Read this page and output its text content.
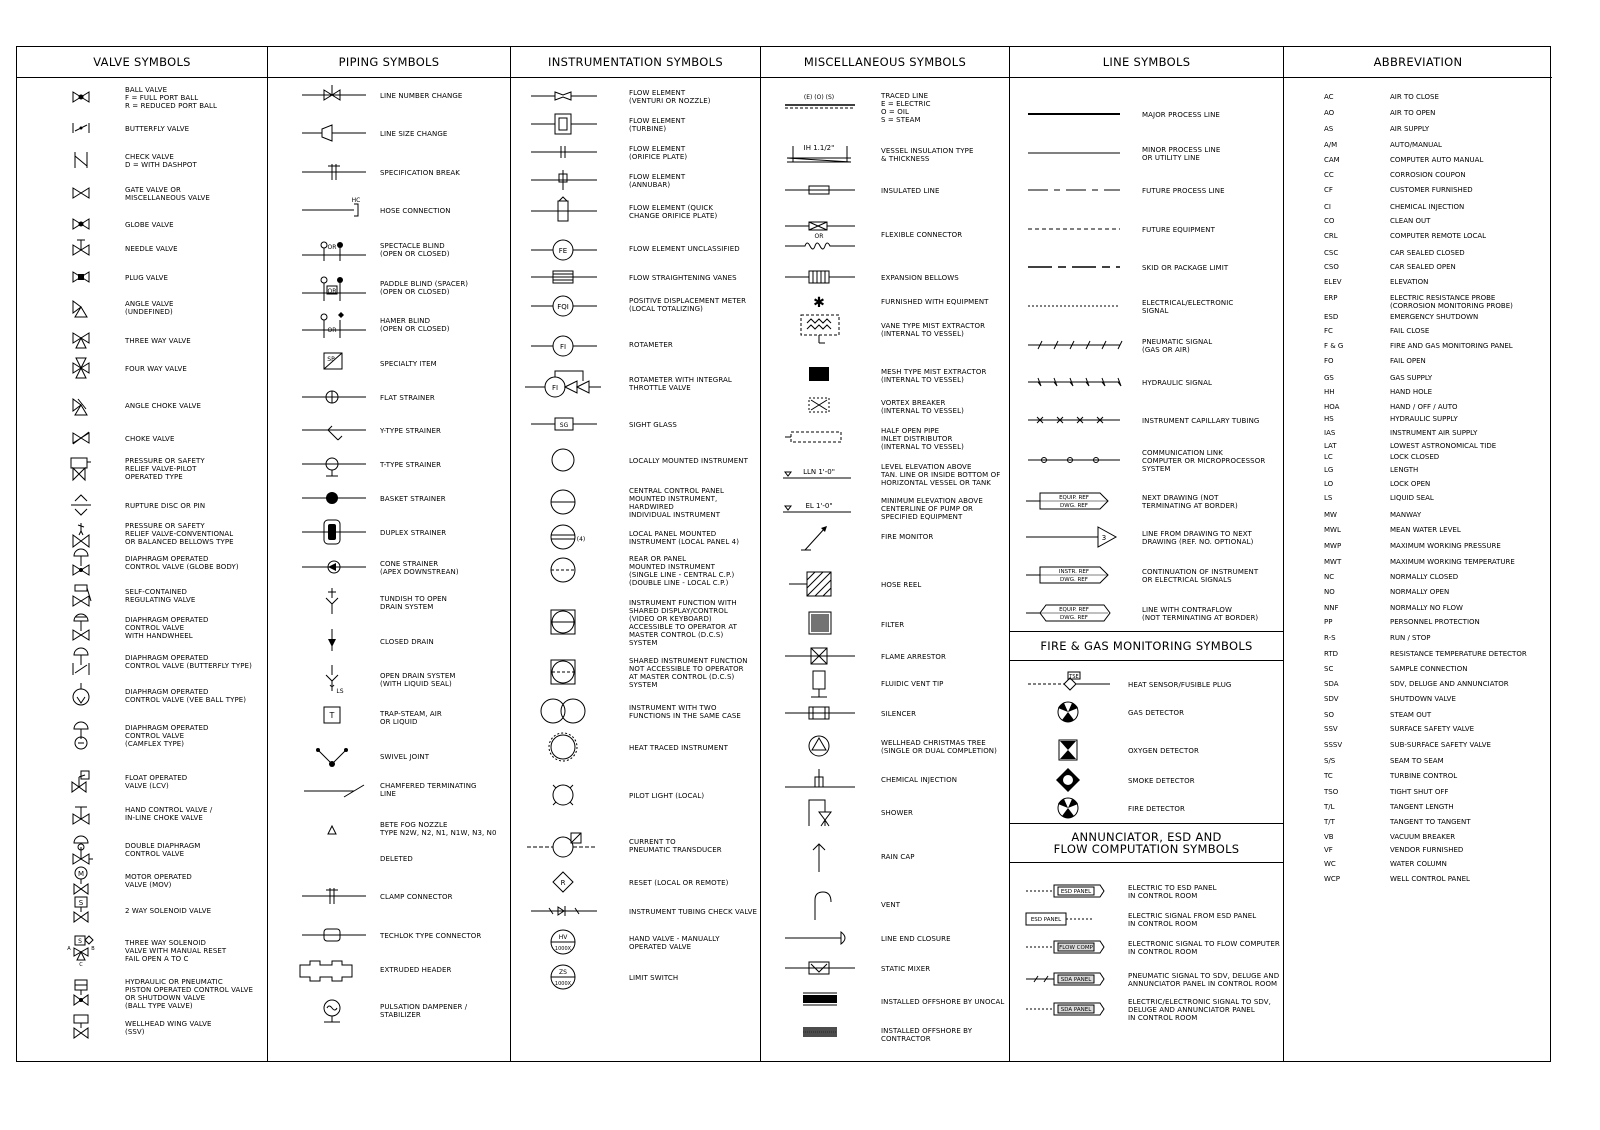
VALVE SYMBOLS
BALL VALVE
F = FULL PORT BALL
R = REDUCED PORT BALL
BUTTERFLY VALVE
CHECK VALVE
D = WITH DASHPOT
GATE VALVE OR
MISCELLANEOUS VALVE
GLOBE VALVE
NEEDLE VALVE
PLUG VALVE
ANGLE VALVE
(UNDEFINED)
THREE WAY VALVE
FOUR WAY VALVE
ANGLE CHOKE VALVE
CHOKE VALVE
PRESSURE OR SAFETY
RELIEF VALVE-PILOT
OPERATED TYPE
RUPTURE DISC OR PIN
PRESSURE OR SAFETY
RELIEF VALVE-CONVENTIONAL
OR BALANCED BELLOWS TYPE
DIAPHRAGM OPERATED
CONTROL VALVE (GLOBE BODY)
SELF-CONTAINED
REGULATING VALVE
DIAPHRAGM OPERATED
CONTROL VALVE
WITH HANDWHEEL
DIAPHRAGM OPERATED
CONTROL VALVE (BUTTERFLY TYPE)
DIAPHRAGM OPERATED
CONTROL VALVE (VEE BALL TYPE)
DIAPHRAGM OPERATED
CONTROL VALVE
(CAMFLEX TYPE)
FLOAT OPERATED
VALVE (LCV)
HAND CONTROL VALVE /
IN-LINE CHOKE VALVE
DOUBLE DIAPHRAGM
CONTROL VALVE
M	MOTOR OPERATED
VALVE (MOV)
S
2 WAY SOLENOID VALVE
S
A	B
C
THREE WAY SOLENOID
VALVE WITH MANUAL RESET
FAIL OPEN A TO C
HYDRAULIC OR PNEUMATIC
PISTON OPERATED CONTROL VALVE
OR SHUTDOWN VALVE
(BALL TYPE VALVE)
WELLHEAD WING VALVE
(SSV)
PIPING SYMBOLS
LINE NUMBER CHANGE
LINE SIZE CHANGE
SPECIFICATION BREAK
HC
HOSE CONNECTION
OR	SPECTACLE BLIND
(OPEN OR CLOSED)
OR
PADDLE BLIND (SPACER)
(OPEN OR CLOSED)
OR
HAMER BLIND
(OPEN OR CLOSED)
SP
SPECIALTY ITEM
FLAT STRAINER
Y-TYPE STRAINER
T-TYPE STRAINER
BASKET STRAINER
DUPLEX STRAINER
CONE STRAINER
(APEX DOWNSTREAN)
TUNDISH TO OPEN
DRAIN SYSTEM
CLOSED DRAIN
LS
OPEN DRAIN SYSTEM
(WITH LIQUID SEAL)
T	TRAP-STEAM, AIR
OR LIQUID
SWIVEL JOINT
CHAMFERED TERMINATING
LINE
BETE FOG NOZZLE
TYPE N2W, N2, N1, N1W, N3, N0
DELETED
CLAMP CONNECTOR
TECHLOK TYPE CONNECTOR
EXTRUDED HEADER
PULSATION DAMPENER /
STABILIZER
INSTRUMENTATION SYMBOLS
FLOW ELEMENT
(VENTURI OR NOZZLE)
FLOW ELEMENT
(TURBINE)
FLOW ELEMENT
(ORIFICE PLATE)
FLOW ELEMENT
(ANNUBAR)
FLOW ELEMENT (QUICK
CHANGE ORIFICE PLATE)
FE	FLOW ELEMENT UNCLASSIFIED
FLOW STRAIGHTENING VANES
FQI
POSITIVE DISPLACEMENT METER
(LOCAL TOTALIZING)
FI	ROTAMETER
FI
ROTAMETER WITH INTEGRAL
THROTTLE VALVE
SG	SIGHT GLASS
LOCALLY MOUNTED INSTRUMENT
CENTRAL CONTROL PANEL
MOUNTED INSTRUMENT, HARDWIRED
INDIVIDUAL INSTRUMENT
(4)
LOCAL PANEL MOUNTED
INSTRUMENT (LOCAL PANEL 4)
REAR OR PANEL
MOUNTED INSTRUMENT
(SINGLE LINE - CENTRAL C.P.)
(DOUBLE LINE - LOCAL C.P.)
INSTRUMENT FUNCTION WITH
SHARED DISPLAY/CONTROL
(VIDEO OR KEYBOARD)
ACCESSIBLE TO OPERATOR AT
MASTER CONTROL (D.C.S)
SYSTEM
SHARED INSTRUMENT FUNCTION
NOT ACCESSIBLE TO OPERATOR
AT MASTER CONTROL (D.C.S)
SYSTEM
INSTRUMENT WITH TWO
FUNCTIONS IN THE SAME CASE
HEAT TRACED INSTRUMENT
PILOT LIGHT (LOCAL)
CURRENT TO
PNEUMATIC TRANSDUCER
R	RESET (LOCAL OR REMOTE)
INSTRUMENT TUBING CHECK VALVE
HV
1000X
HAND VALVE - MANUALLY
OPERATED VALVE
ZS
1000X
LIMIT SWITCH
MISCELLANEOUS SYMBOLS
(E) (O) (S)	TRACED LINE
E = ELECTRIC
O = OIL
S = STEAM
IH 1.1/2"	VESSEL INSULATION TYPE
& THICKNESS
INSULATED LINE
OR	FLEXIBLE CONNECTOR
EXPANSION BELLOWS
✱	FURNISHED WITH EQUIPMENT
VANE TYPE MIST EXTRACTOR
(INTERNAL TO VESSEL)
MESH TYPE MIST EXTRACTOR
(INTERNAL TO VESSEL)
VORTEX BREAKER
(INTERNAL TO VESSEL)
HALF OPEN PIPE
INLET DISTRIBUTOR
(INTERNAL TO VESSEL)
LLN 1'-0"
LEVEL ELEVATION ABOVE
TAN. LINE OR INSIDE BOTTOM OF
HORIZONTAL VESSEL OR TANK
EL 1'-0"
MINIMUM ELEVATION ABOVE
CENTERLINE OF PUMP OR
SPECIFIED EQUIPMENT
FIRE MONITOR
HOSE REEL
FILTER
FLAME ARRESTOR
FLUIDIC VENT TIP
SILENCER
WELLHEAD CHRISTMAS TREE
(SINGLE OR DUAL COMPLETION)
CHEMICAL INJECTION
SHOWER
RAIN CAP
VENT
LINE END CLOSURE
STATIC MIXER
INSTALLED OFFSHORE BY UNOCAL
INSTALLED OFFSHORE BY CONTRACTOR
LINE SYMBOLS
MAJOR PROCESS LINE
MINOR PROCESS LINE
OR UTILITY LINE
FUTURE PROCESS LINE
FUTURE EQUIPMENT
SKID OR PACKAGE LIMIT
ELECTRICAL/ELECTRONIC
SIGNAL
PNEUMATIC SIGNAL
(GAS OR AIR)
HYDRAULIC SIGNAL
INSTRUMENT CAPILLARY TUBING
COMMUNICATION LINK
COMPUTER OR MICROPROCESSOR
SYSTEM
EQUIP. REF
DWG. REF
NEXT DRAWING (NOT
TERMINATING AT BORDER)
3	LINE FROM DRAWING TO NEXT
DRAWING (REF. NO. OPTIONAL)
INSTR. REF
DWG. REF
CONTINUATION OF INSTRUMENT
OR ELECTRICAL SIGNALS
EQUIP. REF
DWG. REF
LINE WITH CONTRAFLOW
(NOT TERMINATING AT BORDER)
FIRE & GAS MONITORING SYMBOLS
TSE
HEAT SENSOR/FUSIBLE PLUG
GAS DETECTOR
OXYGEN DETECTOR
SMOKE DETECTOR
FIRE DETECTOR
ANNUNCIATOR, ESD AND
FLOW COMPUTATION SYMBOLS
ESD PANEL	ELECTRIC TO ESD PANEL
IN CONTROL ROOM
ESD PANEL	ELECTRIC SIGNAL FROM ESD PANEL
IN CONTROL ROOM
FLOW COMP	ELECTRONIC SIGNAL TO FLOW COMPUTER
IN CONTROL ROOM
SDA PANEL	PNEUMATIC SIGNAL TO SDV, DELUGE AND
ANNUNCIATOR PANEL IN CONTROL ROOM
SDA PANEL
ELECTRIC/ELECTRONIC SIGNAL TO SDV,
DELUGE AND ANNUNCIATOR PANEL
IN CONTROL ROOM
ABBREVIATION
AC	AIR TO CLOSE
AO	AIR TO OPEN
AS	AIR SUPPLY
A/M	AUTO/MANUAL
CAM	COMPUTER AUTO MANUAL
CC	CORROSION COUPON
CF	CUSTOMER FURNISHED
CI	CHEMICAL INJECTION
CO	CLEAN OUT
CRL	COMPUTER REMOTE LOCAL
CSC	CAR SEALED CLOSED
CSO	CAR SEALED OPEN
ELEV	ELEVATION
ERP	ELECTRIC RESISTANCE PROBE
(CORROSION MONITORING PROBE)
ESD	EMERGENCY SHUTDOWN
FC	FAIL CLOSE
F & G	FIRE AND GAS MONITORING PANEL
FO	FAIL OPEN
GS	GAS SUPPLY
HH	HAND HOLE
HOA	HAND / OFF / AUTO
HS	HYDRAULIC SUPPLY
IAS	INSTRUMENT AIR SUPPLY
LAT	LOWEST ASTRONOMICAL TIDE
LC	LOCK CLOSED
LG	LENGTH
LO	LOCK OPEN
LS	LIQUID SEAL
MW	MANWAY
MWL	MEAN WATER LEVEL
MWP	MAXIMUM WORKING PRESSURE
MWT	MAXIMUM WORKING TEMPERATURE
NC	NORMALLY CLOSED
NO	NORMALLY OPEN
NNF	NORMALLY NO FLOW
PP	PERSONNEL PROTECTION
R-S	RUN / STOP
RTD	RESISTANCE TEMPERATURE DETECTOR
SC	SAMPLE CONNECTION
SDA	SDV, DELUGE AND ANNUNCIATOR
SDV	SHUTDOWN VALVE
SO	STEAM OUT
SSV	SURFACE SAFETY VALVE
SSSV	SUB-SURFACE SAFETY VALVE
S/S	SEAM TO SEAM
TC	TURBINE CONTROL
TSO	TIGHT SHUT OFF
T/L	TANGENT LENGTH
T/T	TANGENT TO TANGENT
VB	VACUUM BREAKER
VF	VENDOR FURNISHED
WC	WATER COLUMN
WCP	WELL CONTROL PANEL
